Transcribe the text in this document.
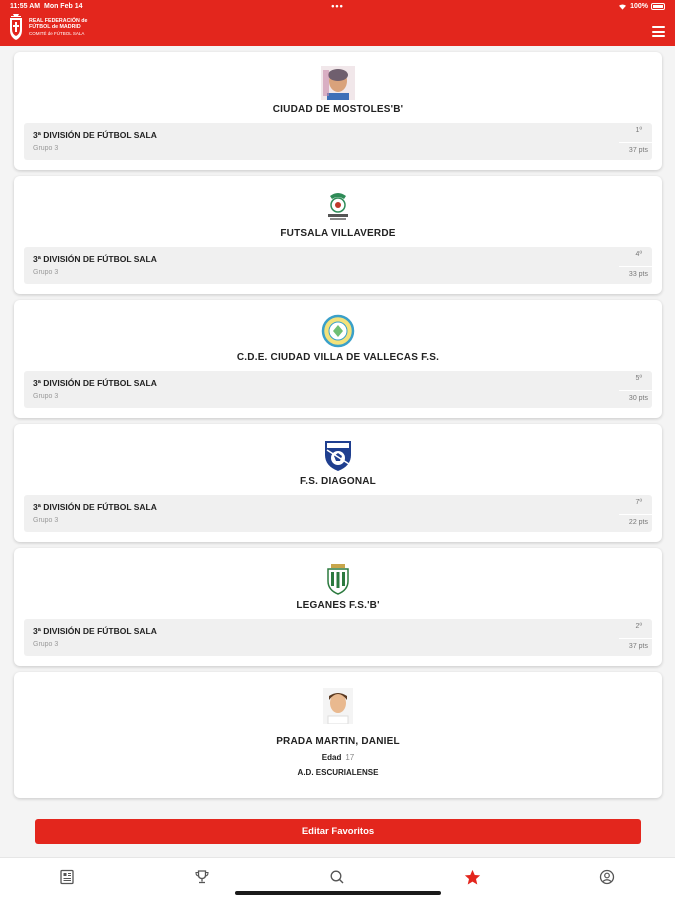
11:55 AM Mon Feb 14	•••	100%
REAL FEDERACIÓN de
FÚTBOL de MADRID
COMITÉ de FÚTBOL SALA
CIUDAD DE MOSTOLES'B'
3ª DIVISIÓN DE FÚTBOL SALA
Grupo 3
1º
37 pts
FUTSALA VILLAVERDE
3ª DIVISIÓN DE FÚTBOL SALA
Grupo 3
4º
33 pts
C.D.E. CIUDAD VILLA DE VALLECAS F.S.
3ª DIVISIÓN DE FÚTBOL SALA
Grupo 3
5º
30 pts
F.S. DIAGONAL
3ª DIVISIÓN DE FÚTBOL SALA
Grupo 3
7º
22 pts
LEGANES F.S.'B'
3ª DIVISIÓN DE FÚTBOL SALA
Grupo 3
2º
37 pts
PRADA MARTIN, DANIEL
Edad 17
A.D. ESCURIALENSE
Editar Favoritos
